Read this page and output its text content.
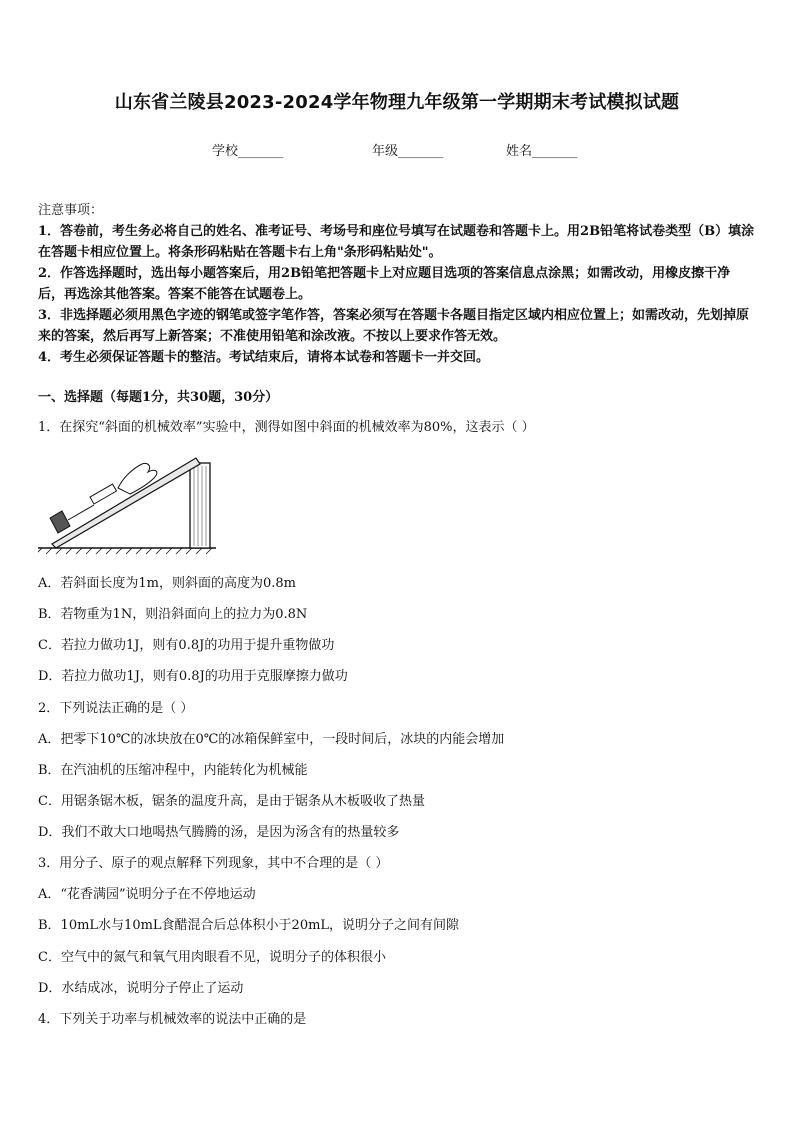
山东省兰陵县2023-2024学年物理九年级第一学期期末考试模拟试题
学校_______	年级_______	姓名_______

注意事项：

1．答卷前，考生务必将自己的姓名、准考证号、考场号和座位号填写在试题卷和答题卡上。用2B铅笔将试卷类型（B）填涂在答题卡相应位置上。将条形码粘贴在答题卡右上角"条形码粘贴处"。

2．作答选择题时，选出每小题答案后，用2B铅笔把答题卡上对应题目选项的答案信息点涂黑；如需改动，用橡皮擦干净后，再选涂其他答案。答案不能答在试题卷上。

3．非选择题必须用黑色字迹的钢笔或签字笔作答，答案必须写在答题卡各题目指定区域内相应位置上；如需改动，先划掉原来的答案，然后再写上新答案；不准使用铅笔和涂改液。不按以上要求作答无效。

4．考生必须保证答题卡的整洁。考试结束后，请将本试卷和答题卡一并交回。

一、选择题（每题1分，共30题，30分）
1．在探究“斜面的机械效率”实验中，测得如图中斜面的机械效率为80%，这表示（ ）
A．若斜面长度为1m，则斜面的高度为0.8m
B．若物重为1N，则沿斜面向上的拉力为0.8N
C．若拉力做功1J，则有0.8J的功用于提升重物做功
D．若拉力做功1J，则有0.8J的功用于克服摩擦力做功
2．下列说法正确的是（ ）
A．把零下10℃的冰块放在0℃的冰箱保鲜室中，一段时间后，冰块的内能会增加
B．在汽油机的压缩冲程中，内能转化为机械能
C．用锯条锯木板，锯条的温度升高，是由于锯条从木板吸收了热量
D．我们不敢大口地喝热气腾腾的汤，是因为汤含有的热量较多
3．用分子、原子的观点解释下列现象，其中不合理的是（ ）
A．“花香满园”说明分子在不停地运动
B．10mL水与10mL食醋混合后总体积小于20mL，说明分子之间有间隙
C．空气中的氮气和氧气用肉眼看不见，说明分子的体积很小
D．水结成冰，说明分子停止了运动
4．下列关于功率与机械效率的说法中正确的是
